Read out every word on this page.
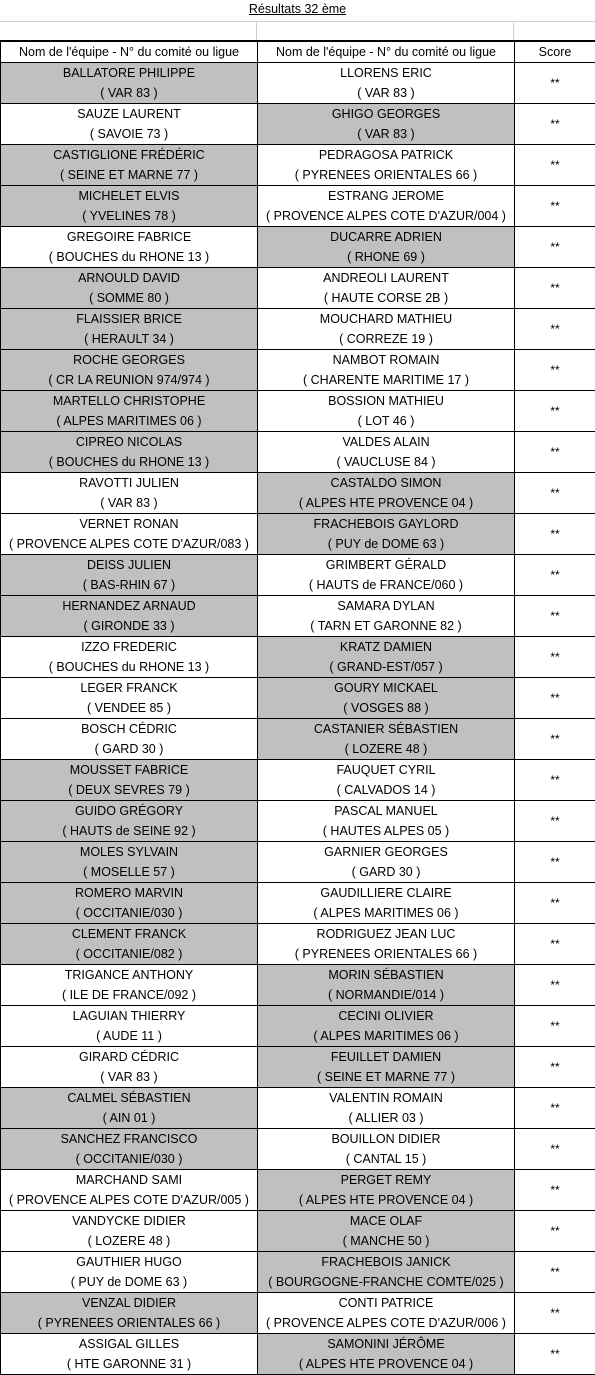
Résultats 32 ème
Nom de l'équipe - N° du comité ou ligue	Nom de l'équipe - N° du comité ou ligue	Score

BALLATORE PHILIPPE
( VAR 83 )	LLORENS ERIC
( VAR 83 )	**

SAUZE LAURENT
( SAVOIE 73 )	GHIGO GEORGES
( VAR 83 )	**

CASTIGLIONE FRÉDÉRIC
( SEINE ET MARNE 77 )	PEDRAGOSA PATRICK
( PYRENEES ORIENTALES 66 )	**

MICHELET ELVIS
( YVELINES 78 )	ESTRANG JEROME
( PROVENCE ALPES COTE D'AZUR/004 )	**

GREGOIRE FABRICE
( BOUCHES du RHONE 13 )	DUCARRE ADRIEN
( RHONE 69 )	**

ARNOULD DAVID
( SOMME 80 )	ANDREOLI LAURENT
( HAUTE CORSE 2B )	**

FLAISSIER BRICE
( HERAULT 34 )	MOUCHARD MATHIEU
( CORREZE 19 )	**

ROCHE GEORGES
( CR LA REUNION 974/974 )	NAMBOT ROMAIN
( CHARENTE MARITIME 17 )	**

MARTELLO CHRISTOPHE
( ALPES MARITIMES 06 )	BOSSION MATHIEU
( LOT 46 )	**

CIPREO NICOLAS
( BOUCHES du RHONE 13 )	VALDES ALAIN
( VAUCLUSE 84 )	**

RAVOTTI JULIEN
( VAR 83 )	CASTALDO SIMON
( ALPES HTE PROVENCE 04 )	**

VERNET RONAN
( PROVENCE ALPES COTE D'AZUR/083 )	FRACHEBOIS GAYLORD
( PUY de DOME 63 )	**

DEISS JULIEN
( BAS-RHIN 67 )	GRIMBERT GÉRALD
( HAUTS de FRANCE/060 )	**

HERNANDEZ ARNAUD
( GIRONDE 33 )	SAMARA DYLAN
( TARN ET GARONNE 82 )	**

IZZO FREDERIC
( BOUCHES du RHONE 13 )	KRATZ DAMIEN
( GRAND-EST/057 )	**

LEGER FRANCK
( VENDEE 85 )	GOURY MICKAEL
( VOSGES 88 )	**

BOSCH CÉDRIC
( GARD 30 )	CASTANIER SÉBASTIEN
( LOZERE 48 )	**

MOUSSET FABRICE
( DEUX SEVRES 79 )	FAUQUET CYRIL
( CALVADOS 14 )	**

GUIDO GRÉGORY
( HAUTS de SEINE 92 )	PASCAL MANUEL
( HAUTES ALPES 05 )	**

MOLES SYLVAIN
( MOSELLE 57 )	GARNIER GEORGES
( GARD 30 )	**

ROMERO MARVIN
( OCCITANIE/030 )	GAUDILLIERE CLAIRE
( ALPES MARITIMES 06 )	**

CLEMENT FRANCK
( OCCITANIE/082 )	RODRIGUEZ JEAN LUC
( PYRENEES ORIENTALES 66 )	**

TRIGANCE ANTHONY
( ILE DE FRANCE/092 )	MORIN SÉBASTIEN
( NORMANDIE/014 )	**

LAGUIAN THIERRY
( AUDE 11 )	CECINI OLIVIER
( ALPES MARITIMES 06 )	**

GIRARD CÉDRIC
( VAR 83 )	FEUILLET DAMIEN
( SEINE ET MARNE 77 )	**

CALMEL SÉBASTIEN
( AIN 01 )	VALENTIN ROMAIN
( ALLIER 03 )	**

SANCHEZ FRANCISCO
( OCCITANIE/030 )	BOUILLON DIDIER
( CANTAL 15 )	**

MARCHAND SAMI
( PROVENCE ALPES COTE D'AZUR/005 )	PERGET REMY
( ALPES HTE PROVENCE 04 )	**

VANDYCKE DIDIER
( LOZERE 48 )	MACE OLAF
( MANCHE 50 )	**

GAUTHIER HUGO
( PUY de DOME 63 )	FRACHEBOIS JANICK
( BOURGOGNE-FRANCHE COMTE/025 )	**

VENZAL DIDIER
( PYRENEES ORIENTALES 66 )	CONTI PATRICE
( PROVENCE ALPES COTE D'AZUR/006 )	**

ASSIGAL GILLES
( HTE GARONNE 31 )	SAMONINI JÉRÔME
( ALPES HTE PROVENCE 04 )	**
